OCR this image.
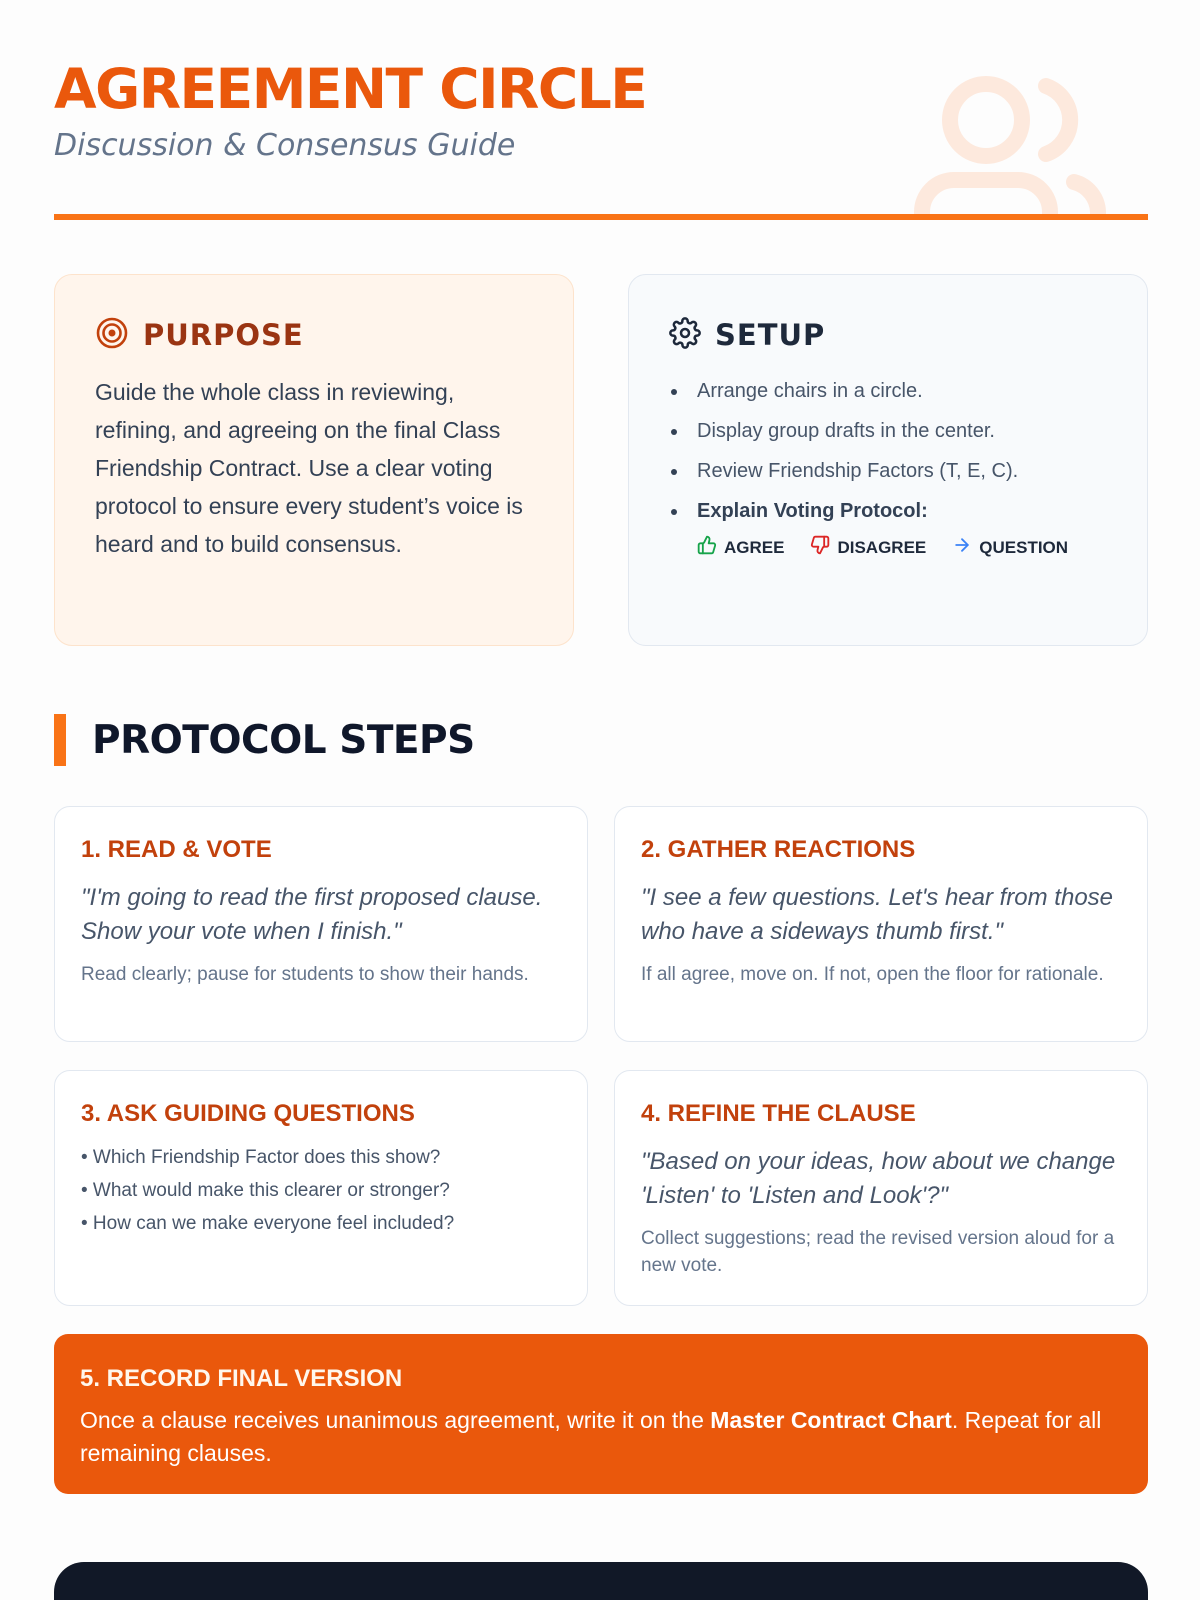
AGREEMENT CIRCLE
Discussion & Consensus Guide
PURPOSE

Guide the whole class in reviewing, refining, and agreeing on the final Class Friendship Contract. Use a clear voting protocol to ensure every student’s voice is heard and to build consensus.

SETUP
Arrange chairs in a circle.
Display group drafts in the center.
Review Friendship Factors (T, E, C).
Explain Voting Protocol:
AGREE	DISAGREE	QUESTION
PROTOCOL STEPS
1. READ & VOTE
"I'm going to read the first proposed clause. Show your vote when I finish."
Read clearly; pause for students to show their hands.
2. GATHER REACTIONS
"I see a few questions. Let's hear from those who have a sideways thumb first."
If all agree, move on. If not, open the floor for rationale.
3. ASK GUIDING QUESTIONS
• Which Friendship Factor does this show?
• What would make this clearer or stronger?
• How can we make everyone feel included?
4. REFINE THE CLAUSE
"Based on your ideas, how about we change 'Listen' to 'Listen and Look'?"
Collect suggestions; read the revised version aloud for a new vote.
5. RECORD FINAL VERSION
Once a clause receives unanimous agreement, write it on the Master Contract Chart. Repeat for all remaining clauses.
